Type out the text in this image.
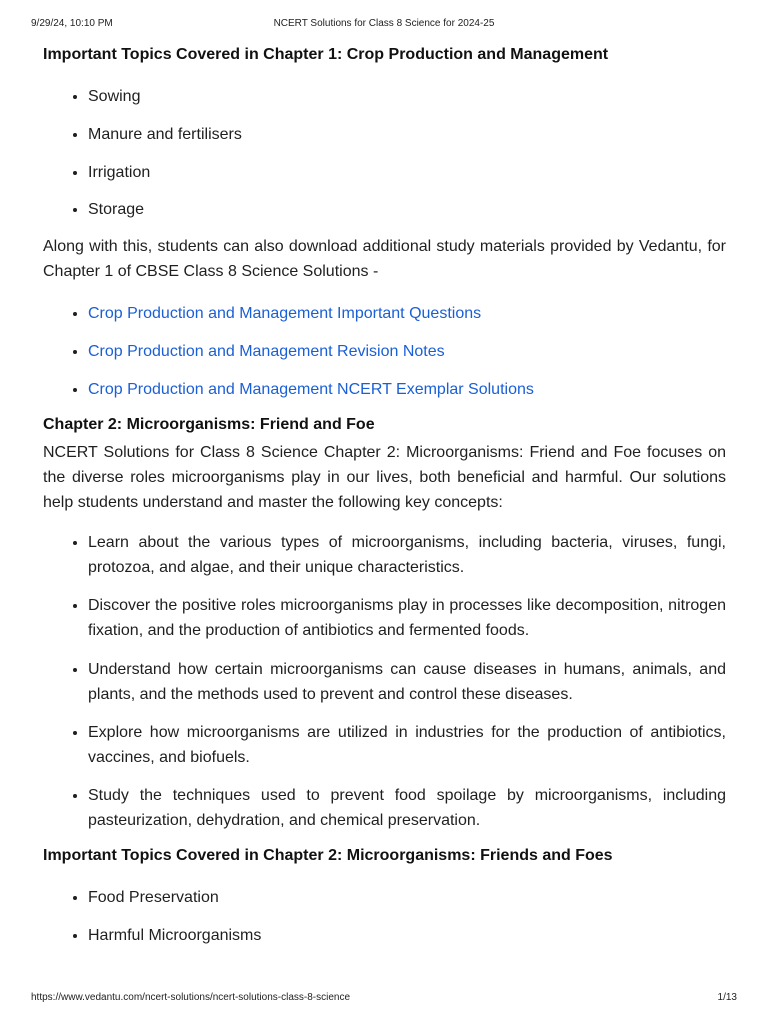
9/29/24, 10:10 PM	NCERT Solutions for Class 8 Science for 2024-25
Important Topics Covered in Chapter 1: Crop Production and Management
• Sowing
• Manure and fertilisers
• Irrigation
• Storage

Along with this, students can also download additional study materials provided by Vedantu, for Chapter 1 of CBSE Class 8 Science Solutions -

• Crop Production and Management Important Questions
• Crop Production and Management Revision Notes
• Crop Production and Management NCERT Exemplar Solutions
Chapter 2: Microorganisms: Friend and Foe

NCERT Solutions for Class 8 Science Chapter 2: Microorganisms: Friend and Foe focuses on the diverse roles microorganisms play in our lives, both beneficial and harmful. Our solutions help students understand and master the following key concepts:

• Learn about the various types of microorganisms, including bacteria, viruses, fungi, protozoa, and algae, and their unique characteristics.
• Discover the positive roles microorganisms play in processes like decomposition, nitrogen fixation, and the production of antibiotics and fermented foods.
• Understand how certain microorganisms can cause diseases in humans, animals, and plants, and the methods used to prevent and control these diseases.
• Explore how microorganisms are utilized in industries for the production of antibiotics, vaccines, and biofuels.
• Study the techniques used to prevent food spoilage by microorganisms, including pasteurization, dehydration, and chemical preservation.
Important Topics Covered in Chapter 2: Microorganisms: Friends and Foes
• Food Preservation
• Harmful Microorganisms
https://www.vedantu.com/ncert-solutions/ncert-solutions-class-8-science	1/13
